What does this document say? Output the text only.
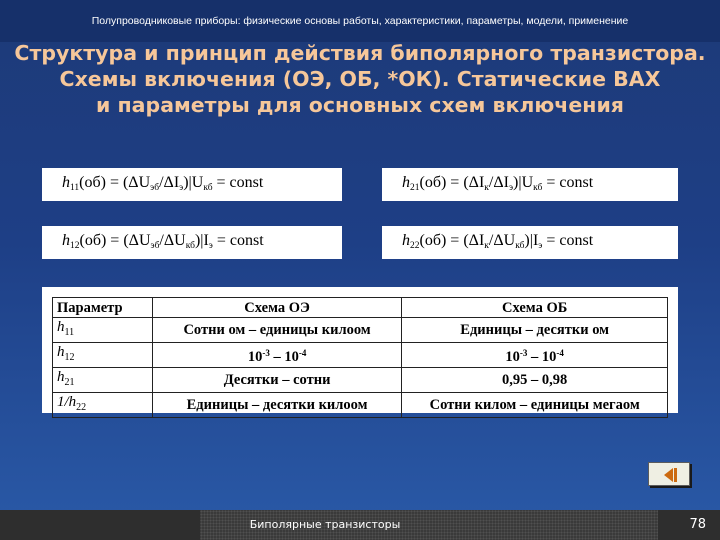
Полупроводниковые приборы: физические основы работы, характеристики, параметры, модели, применение
Структура и принцип действия биполярного транзистора.
Схемы включения (ОЭ, ОБ, *ОК). Статические ВАХ
и параметры для основных схем включения
$h_{11}(об) = (\Delta U_{эб}/\Delta I_э)|U_{кб}$ = const	$h_{21}(об) = (\Delta I_к/\Delta I_э)|U_{кб}$ = const
$h_{12}(об) = (\Delta U_{эб}/\Delta U_{кб})|I_э$ = const	$h_{22}(об) = (\Delta I_к/\Delta U_{кб})|I_э$ = const
Параметр	Схема ОЭ	Схема ОБ
$h_{11}$	Сотни ом – единицы килоом	Единицы – десятки ом
$h_{12}$	$10^{-3} - 10^{-4}$	$10^{-3} - 10^{-4}$
$h_{21}$	Десятки – сотни	0,95 – 0,98
$1/h_{22}$	Единицы – десятки килоом	Сотни килом – единицы мегаом
Биполярные транзисторы	78
